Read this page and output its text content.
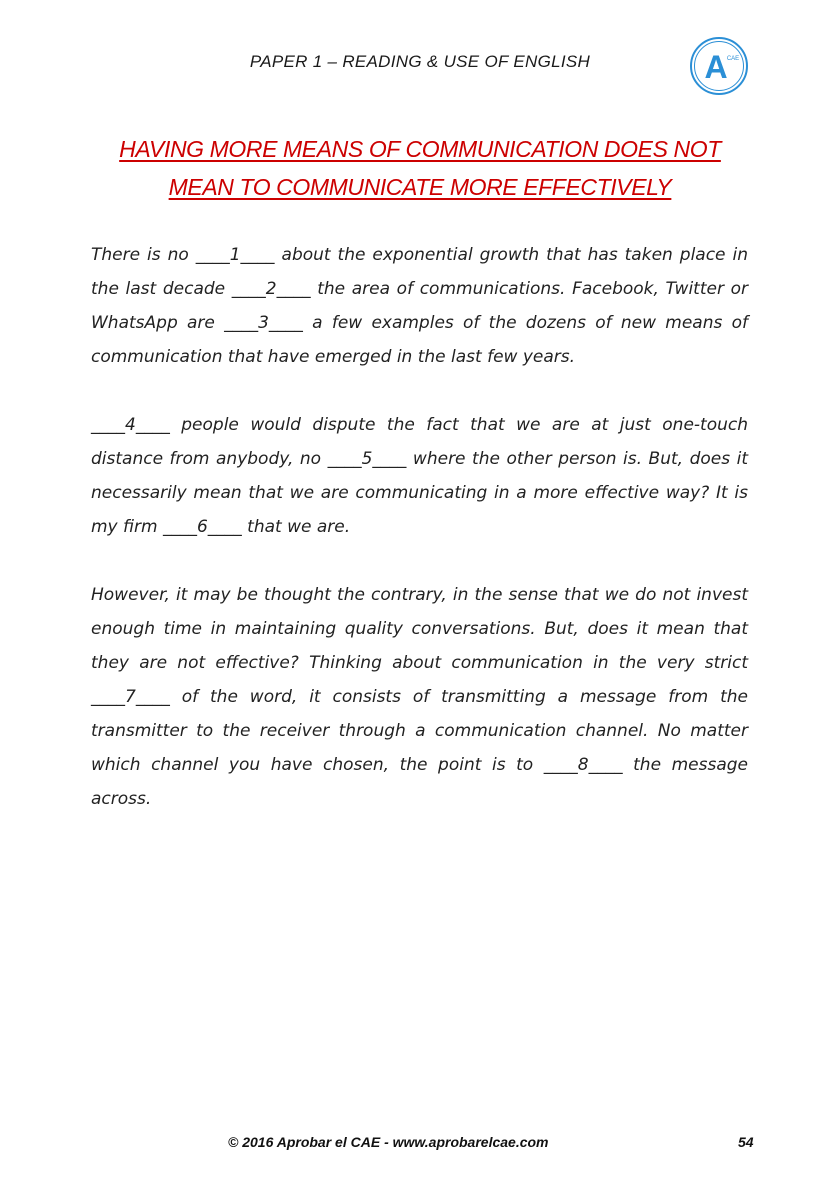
PAPER 1 – READING & USE OF ENGLISH	A CAE
HAVING MORE MEANS OF COMMUNICATION DOES NOT
MEAN TO COMMUNICATE MORE EFFECTIVELY

There is no ____1____ about the exponential growth that has taken place in the last decade ____2____ the area of communications. Facebook, Twitter or WhatsApp are ____3____ a few examples of the dozens of new means of communication that have emerged in the last few years.

____4____ people would dispute the fact that we are at just one-touch distance from anybody, no ____5____ where the other person is. But, does it necessarily mean that we are communicating in a more effective way? It is my firm ____6____ that we are.

However, it may be thought the contrary, in the sense that we do not invest enough time in maintaining quality conversations. But, does it mean that they are not effective? Thinking about communication in the very strict ____7____ of the word, it consists of transmitting a message from the transmitter to the receiver through a communication channel. No matter which channel you have chosen, the point is to ____8____ the message across.

© 2016 Aprobar el CAE - www.aprobarelcae.com	54
